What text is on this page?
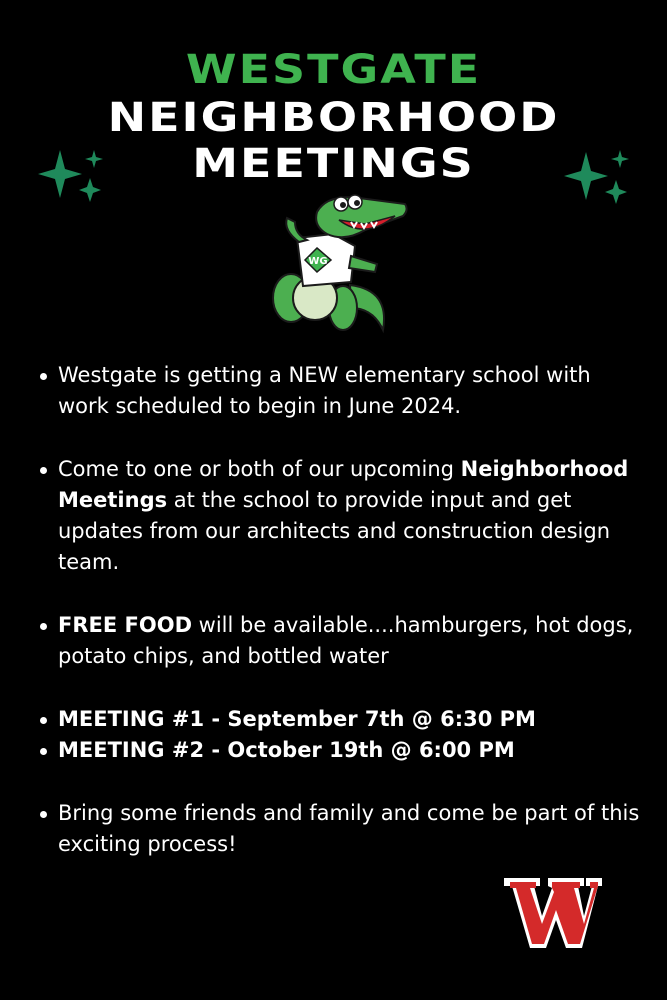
WESTGATE
NEIGHBORHOOD
MEETINGS
WG
Westgate is getting a NEW elementary school with work scheduled to begin in June 2024.
Come to one or both of our upcoming Neighborhood Meetings at the school to provide input and get updates from our architects and construction design team.
FREE FOOD will be available....hamburgers, hot dogs, potato chips, and bottled water
MEETING #1 - September 7th @ 6:30 PM
MEETING #2 - October 19th @ 6:00 PM
Bring some friends and family and come be part of this exciting process!
